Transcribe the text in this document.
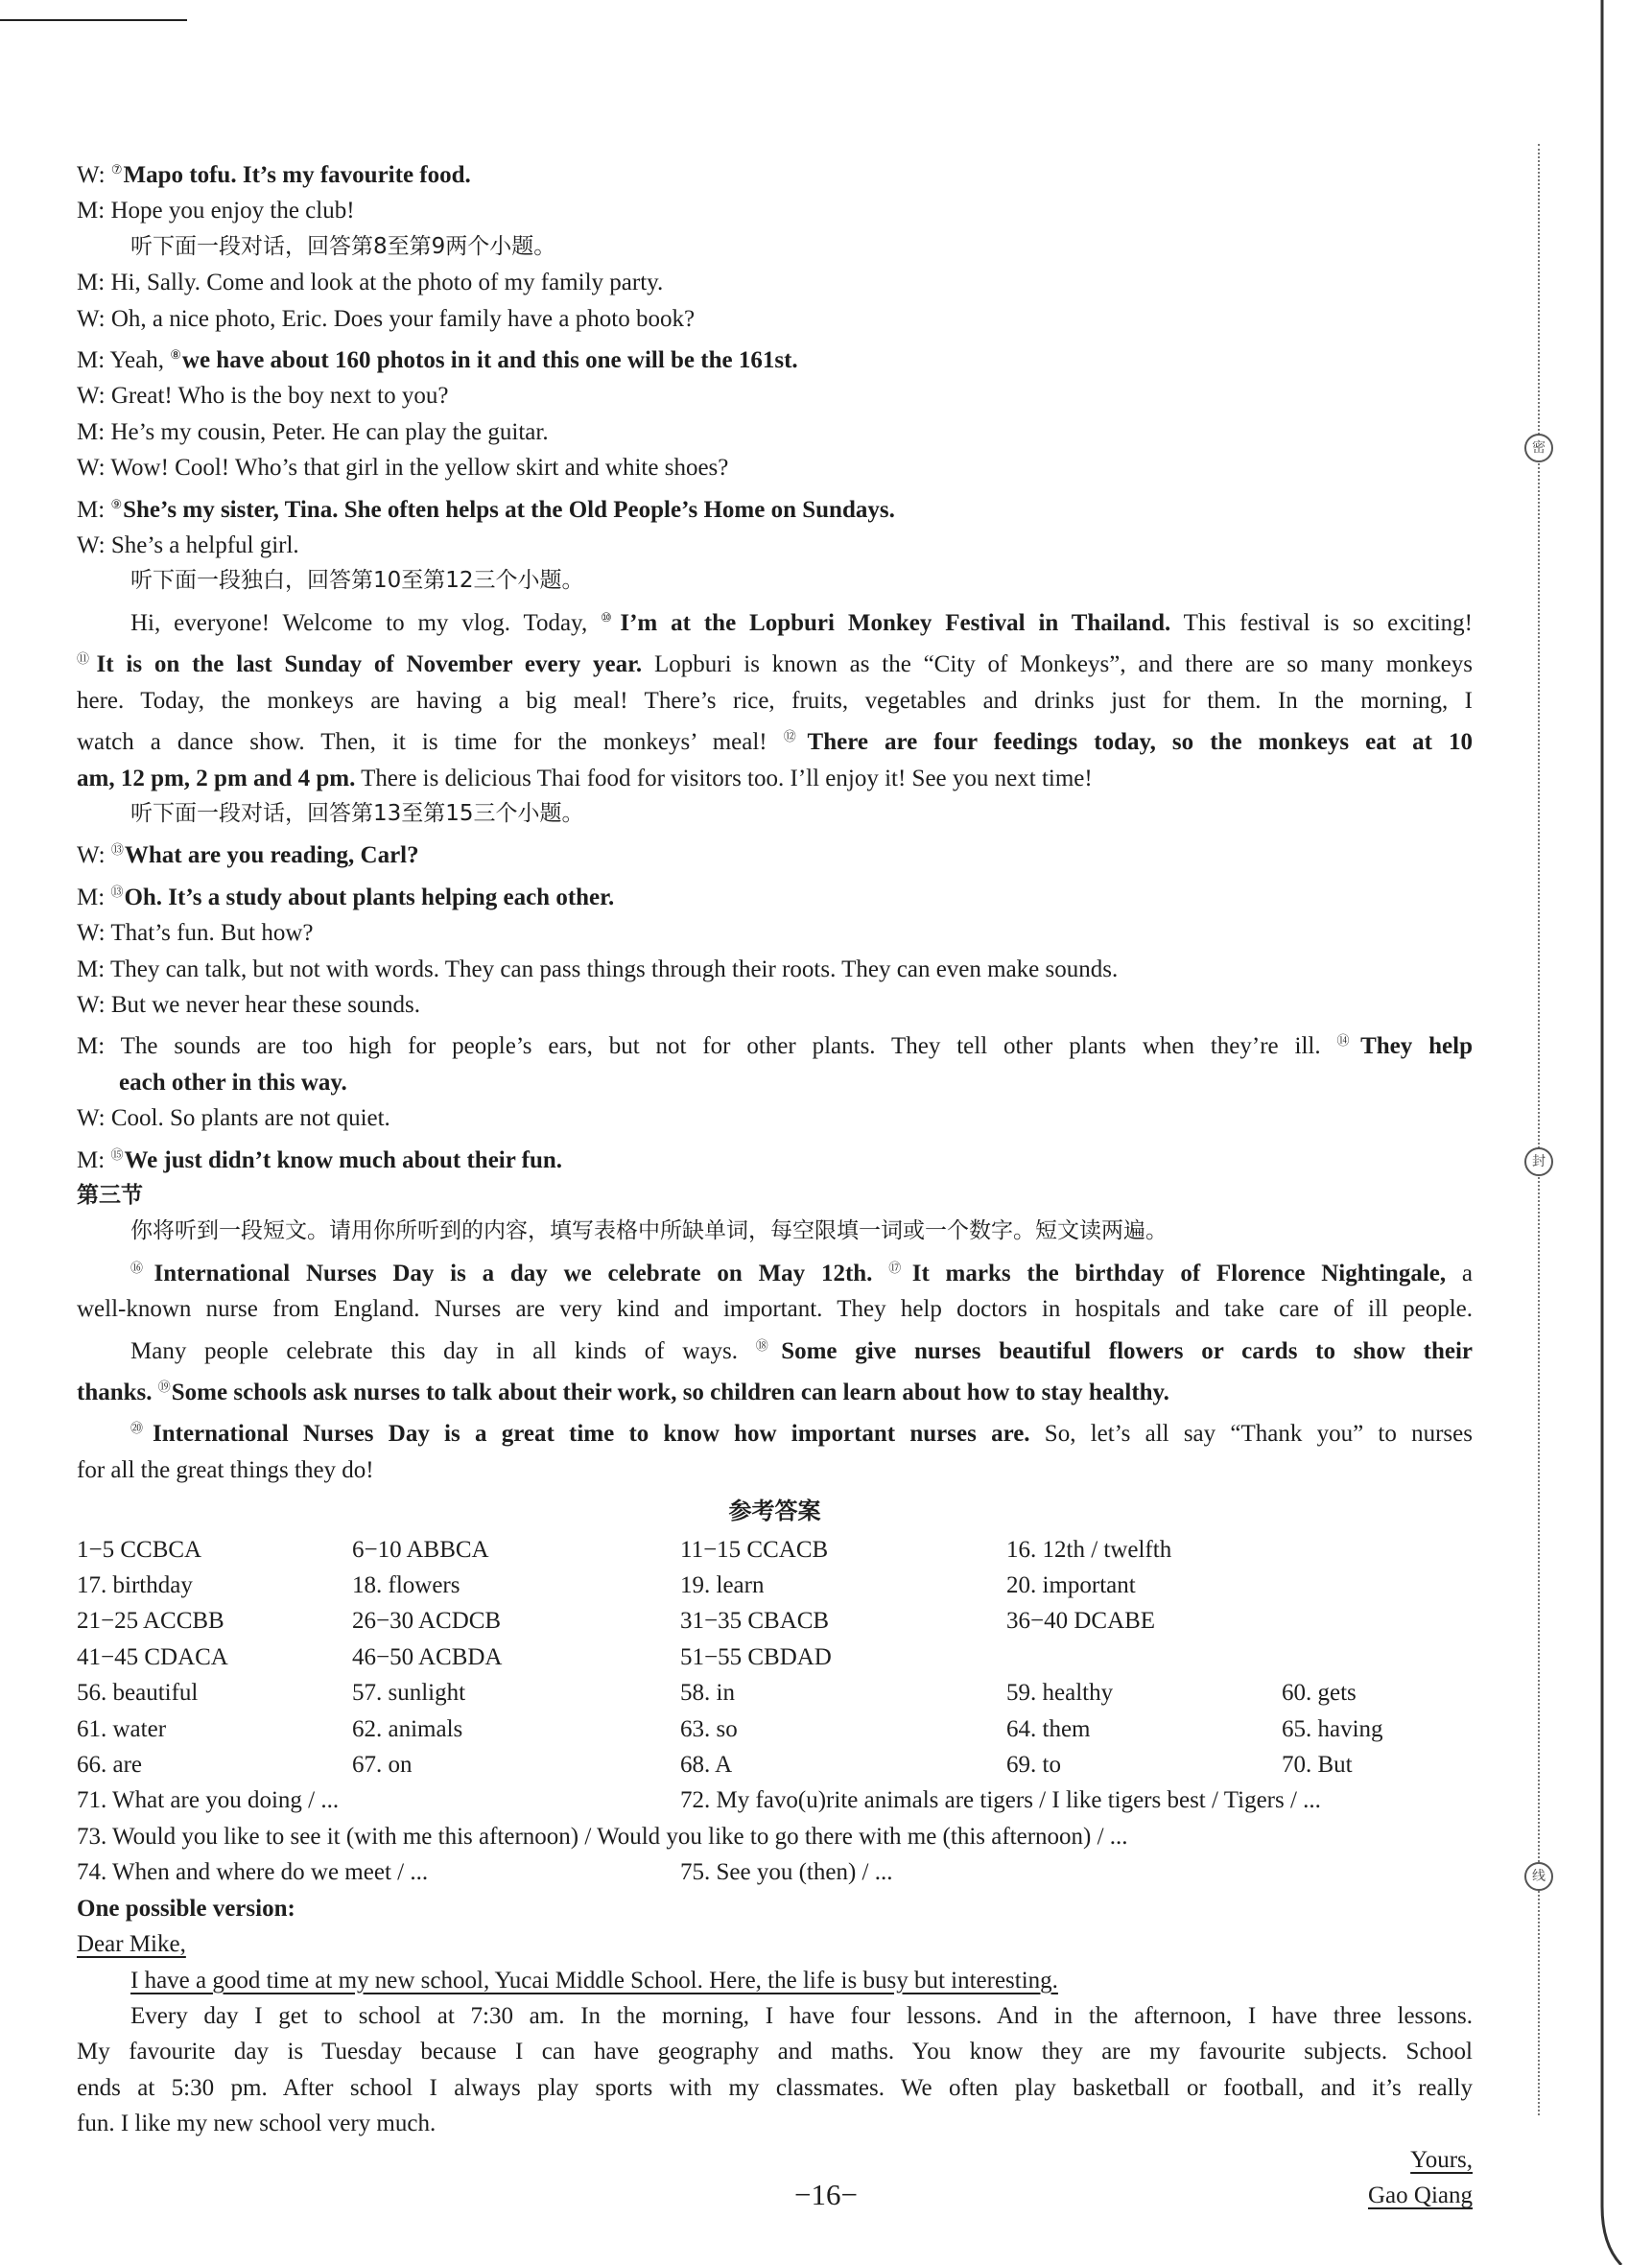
密
封
线
W: ⑦Mapo tofu. It’s my favourite food.
M: Hope you enjoy the club!
听下面一段对话，回答第8至第9两个小题。
M: Hi, Sally. Come and look at the photo of my family party.
W: Oh, a nice photo, Eric. Does your family have a photo book?
M: Yeah, ⑧we have about 160 photos in it and this one will be the 161st.
W: Great! Who is the boy next to you?
M: He’s my cousin, Peter. He can play the guitar.
W: Wow! Cool! Who’s that girl in the yellow skirt and white shoes?
M: ⑨She’s my sister, Tina. She often helps at the Old People’s Home on Sundays.
W: She’s a helpful girl.
听下面一段独白，回答第10至第12三个小题。
Hi, everyone! Welcome to my vlog. Today, ⑩I’m at the Lopburi Monkey Festival in Thailand. This festival is so exciting!
⑪It is on the last Sunday of November every year. Lopburi is known as the “City of Monkeys”, and there are so many monkeys
here. Today, the monkeys are having a big meal! There’s rice, fruits, vegetables and drinks just for them. In the morning, I
watch a dance show. Then, it is time for the monkeys’ meal! ⑫There are four feedings today, so the monkeys eat at 10
am, 12 pm, 2 pm and 4 pm. There is delicious Thai food for visitors too. I’ll enjoy it! See you next time!
听下面一段对话，回答第13至第15三个小题。
W: ⑬What are you reading, Carl?
M: ⑬Oh. It’s a study about plants helping each other.
W: That’s fun. But how?
M: They can talk, but not with words. They can pass things through their roots. They can even make sounds.
W: But we never hear these sounds.
M: The sounds are too high for people’s ears, but not for other plants. They tell other plants when they’re ill. ⑭They help
each other in this way.
W: Cool. So plants are not quiet.
M: ⑮We just didn’t know much about their fun.
第三节
你将听到一段短文。请用你所听到的内容，填写表格中所缺单词，每空限填一词或一个数字。短文读两遍。
⑯International Nurses Day is a day we celebrate on May 12th. ⑰It marks the birthday of Florence Nightingale, a
well-known nurse from England. Nurses are very kind and important. They help doctors in hospitals and take care of ill people.
Many people celebrate this day in all kinds of ways. ⑱Some give nurses beautiful flowers or cards to show their
thanks. ⑲Some schools ask nurses to talk about their work, so children can learn about how to stay healthy.
⑳International Nurses Day is a great time to know how important nurses are. So, let’s all say “Thank you” to nurses
for all the great things they do!
参考答案
1−5 CCBCA	6−10 ABBCA	11−15 CCACB	16. 12th / twelfth
17. birthday	18. flowers	19. learn	20. important
21−25 ACCBB	26−30 ACDCB	31−35 CBACB	36−40 DCABE
41−45 CDACA	46−50 ACBDA	51−55 CBDAD
56. beautiful	57. sunlight	58. in	59. healthy	60. gets
61. water	62. animals	63. so	64. them	65. having
66. are	67. on	68. A	69. to	70. But
71. What are you doing / ...	72. My favo(u)rite animals are tigers / I like tigers best / Tigers / ...
73. Would you like to see it (with me this afternoon) / Would you like to go there with me (this afternoon) / ...
74. When and where do we meet / ...	75. See you (then) / ...
One possible version:
Dear Mike,
I have a good time at my new school, Yucai Middle School. Here, the life is busy but interesting.
Every day I get to school at 7:30 am. In the morning, I have four lessons. And in the afternoon, I have three lessons.
My favourite day is Tuesday because I can have geography and maths. You know they are my favourite subjects. School
ends at 5:30 pm. After school I always play sports with my classmates. We often play basketball or football, and it’s really
fun. I like my new school very much.
Yours,
Gao Qiang
−16−
